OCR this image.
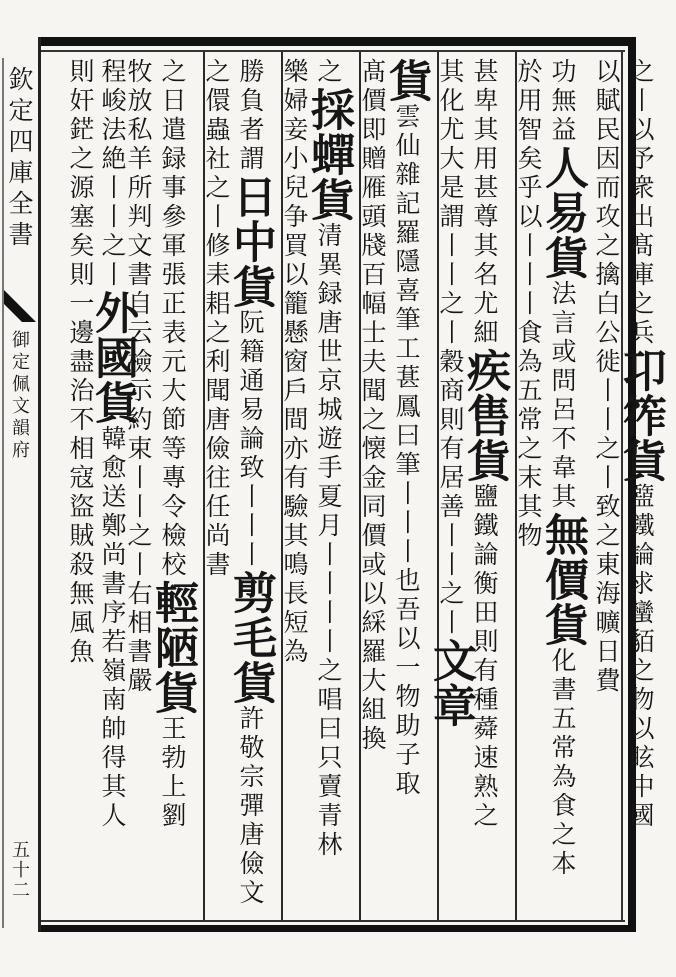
欽定四庫全書
御定佩文韻府
五十二
之丨以予衆出髙庫之兵卭筰貨盬鐵論求蠻貊之物以眩中國
以賦民因而攻之擒白公徙丨丨之丨致之東海曠日費
功無益人易貨法言或問呂不韋其無價貨化書五常為食之本
於用智矣乎以丨丨丨食為五常之末其物
甚卑其用甚尊其名尤細疾售貨鹽鐵論衡田則有種蕣速熟之
其化尤大是謂丨丨之丨穀商則有居善丨丨之丨文章
貨雲仙雜記羅隱喜筆工葚鳳曰筆丨丨丨也吾以一物助子取
髙價即贈雁頭牋百幅士夫聞之懐金同價或以綵羅大組換
之採蟬貨清異録唐世京城遊手夏月丨丨丨丨之唱曰只賣青林
樂婦妾小兒争買以籠懸窗戶間亦有驗其鳴長短為
勝負者謂日中貨阮籍通易論致丨丨丨剪毛貨許敬宗彈唐儉文
之儇蟲社之丨修耒耜之利聞唐儉往任尚書
之日遣録事參軍張正表元大節等專令檢校輕陋貨王勃上劉
牧放私羊所判文書自云檢示約束丨丨之丨右相書嚴
程峻法絶丨丨之丨外國貨韓愈送鄭尚書序若嶺南帥得其人
則奸鋩之源塞矣則一邊盡治不相寇盜賊殺無風魚
